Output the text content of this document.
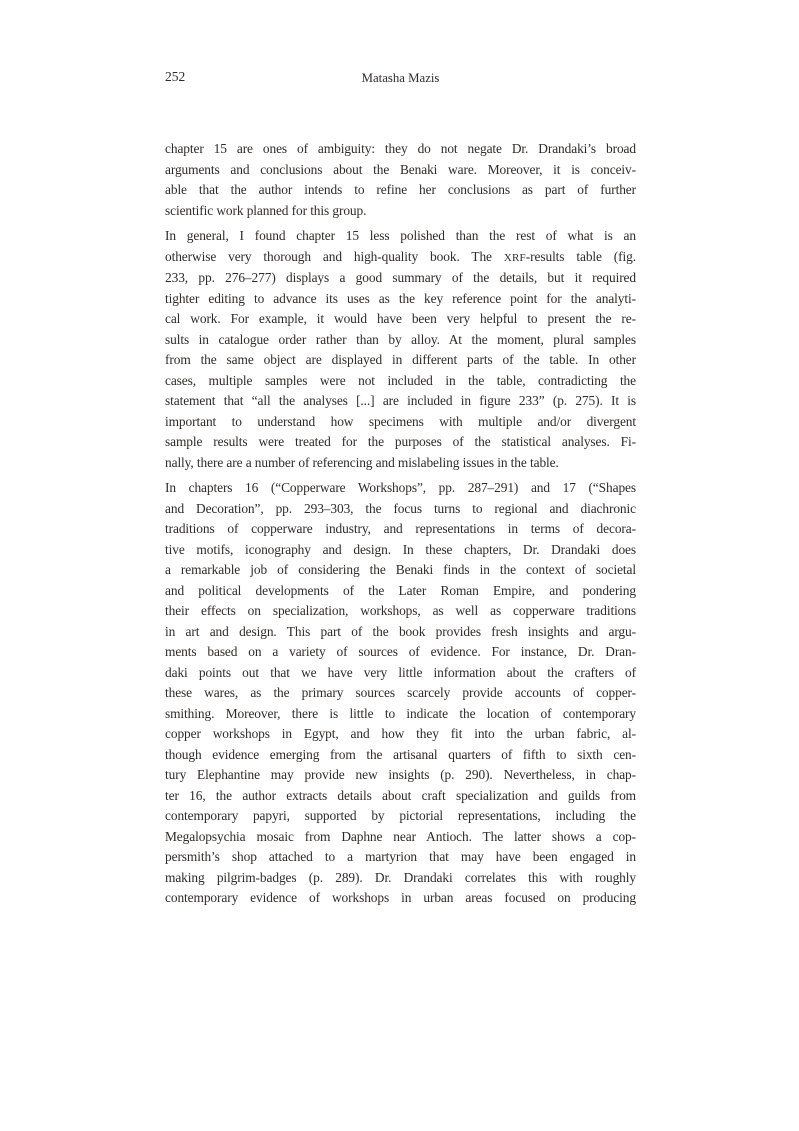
252	Matasha Mazis
chapter 15 are ones of ambiguity: they do not negate Dr. Drandaki’s broad
arguments and conclusions about the Benaki ware. Moreover, it is conceiv-
able that the author intends to refine her conclusions as part of further
scientific work planned for this group.
In general, I found chapter 15 less polished than the rest of what is an
otherwise very thorough and high-quality book. The XRF-results table (fig.
233, pp. 276–277) displays a good summary of the details, but it required
tighter editing to advance its uses as the key reference point for the analyti-
cal work. For example, it would have been very helpful to present the re-
sults in catalogue order rather than by alloy. At the moment, plural samples
from the same object are displayed in different parts of the table. In other
cases, multiple samples were not included in the table, contradicting the
statement that “all the analyses [...] are included in figure 233” (p. 275). It is
important to understand how specimens with multiple and/or divergent
sample results were treated for the purposes of the statistical analyses. Fi-
nally, there are a number of referencing and mislabeling issues in the table.
In chapters 16 (“Copperware Workshops”, pp. 287–291) and 17 (“Shapes
and Decoration”, pp. 293–303, the focus turns to regional and diachronic
traditions of copperware industry, and representations in terms of decora-
tive motifs, iconography and design. In these chapters, Dr. Drandaki does
a remarkable job of considering the Benaki finds in the context of societal
and political developments of the Later Roman Empire, and pondering
their effects on specialization, workshops, as well as copperware traditions
in art and design. This part of the book provides fresh insights and argu-
ments based on a variety of sources of evidence. For instance, Dr. Dran-
daki points out that we have very little information about the crafters of
these wares, as the primary sources scarcely provide accounts of copper-
smithing. Moreover, there is little to indicate the location of contemporary
copper workshops in Egypt, and how they fit into the urban fabric, al-
though evidence emerging from the artisanal quarters of fifth to sixth cen-
tury Elephantine may provide new insights (p. 290). Nevertheless, in chap-
ter 16, the author extracts details about craft specialization and guilds from
contemporary papyri, supported by pictorial representations, including the
Megalopsychia mosaic from Daphne near Antioch. The latter shows a cop-
persmith’s shop attached to a martyrion that may have been engaged in
making pilgrim-badges (p. 289). Dr. Drandaki correlates this with roughly
contemporary evidence of workshops in urban areas focused on producing
